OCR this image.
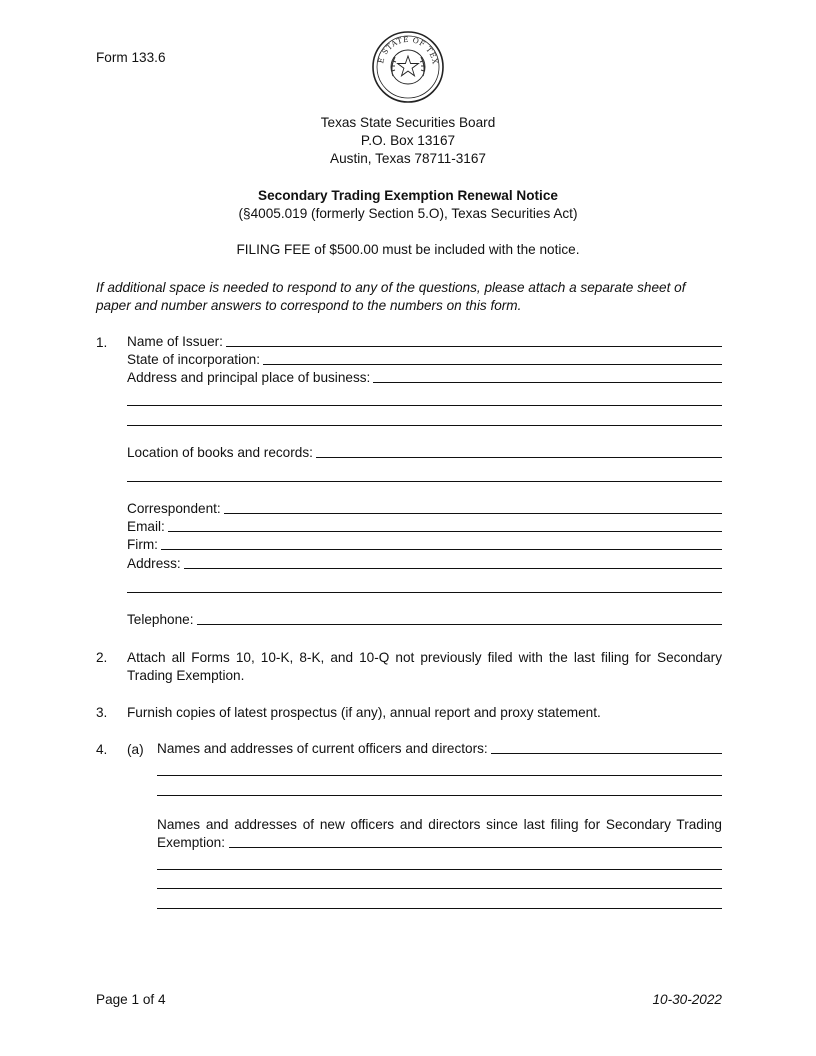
Form 133.6	E STATE OF TEX
Texas State Securities Board
P.O. Box 13167
Austin, Texas 78711-3167
Secondary Trading Exemption Renewal Notice
(§4005.019 (formerly Section 5.O), Texas Securities Act)
FILING FEE of $500.00 must be included with the notice.
If additional space is needed to respond to any of the questions, please attach a separate sheet of paper and number answers to correspond to the numbers on this form.
1. Name of Issuer:
State of incorporation:
Address and principal place of business:
Location of books and records:
Correspondent:
Email:
Firm:
Address:
Telephone:
2. Attach all Forms 10, 10-K, 8-K, and 10-Q not previously filed with the last filing for Secondary Trading Exemption.
3. Furnish copies of latest prospectus (if any), annual report and proxy statement.
4. (a) Names and addresses of current officers and directors:
Names and addresses of new officers and directors since last filing for Secondary Trading Exemption:
Page 1 of 4	10-30-2022
